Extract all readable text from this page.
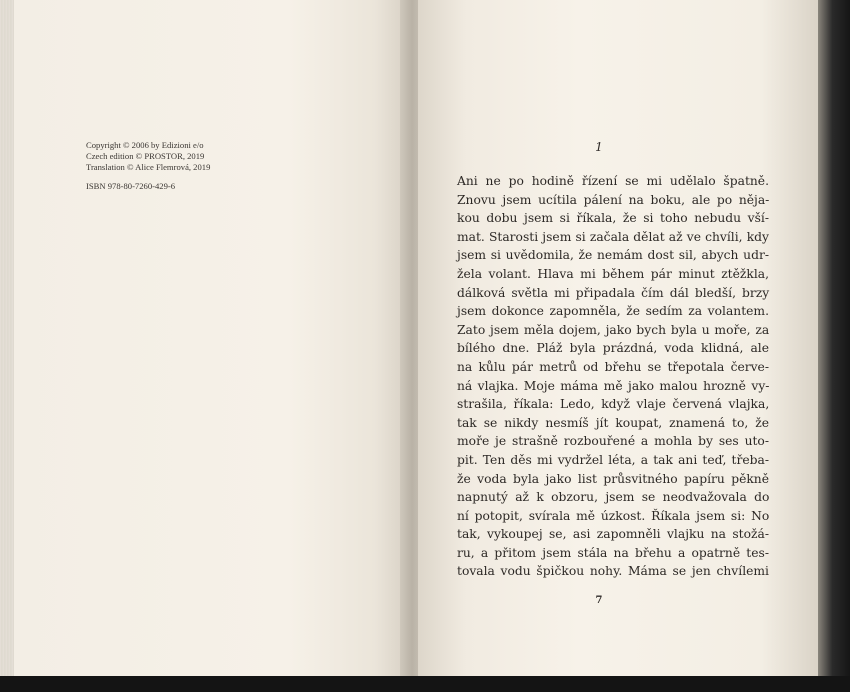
Copyright © 2006 by Edizioni e/o
Czech edition © PROSTOR, 2019
Translation © Alice Flemrová, 2019
ISBN 978-80-7260-429-6
1
Ani ne po hodině řízení se mi udělalo špatně.
Znovu jsem ucítila pálení na boku, ale po něja-
kou dobu jsem si říkala, že si toho nebudu vší-
mat. Starosti jsem si začala dělat až ve chvíli, kdy
jsem si uvědomila, že nemám dost sil, abych udr-
žela volant. Hlava mi během pár minut ztěžkla,
dálková světla mi připadala čím dál bledší, brzy
jsem dokonce zapomněla, že sedím za volantem.
Zato jsem měla dojem, jako bych byla u moře, za
bílého dne. Pláž byla prázdná, voda klidná, ale
na kůlu pár metrů od břehu se třepotala červe-
ná vlajka. Moje máma mě jako malou hrozně vy-
strašila, říkala: Ledo, když vlaje červená vlajka,
tak se nikdy nesmíš jít koupat, znamená to, že
moře je strašně rozbouřené a mohla by ses uto-
pit. Ten děs mi vydržel léta, a tak ani teď, třeba-
že voda byla jako list průsvitného papíru pěkně
napnutý až k obzoru, jsem se neodvažovala do
ní potopit, svírala mě úzkost. Říkala jsem si: No
tak, vykoupej se, asi zapomněli vlajku na stožá-
ru, a přitom jsem stála na břehu a opatrně tes-
tovala vodu špičkou nohy. Máma se jen chvílemi
7
